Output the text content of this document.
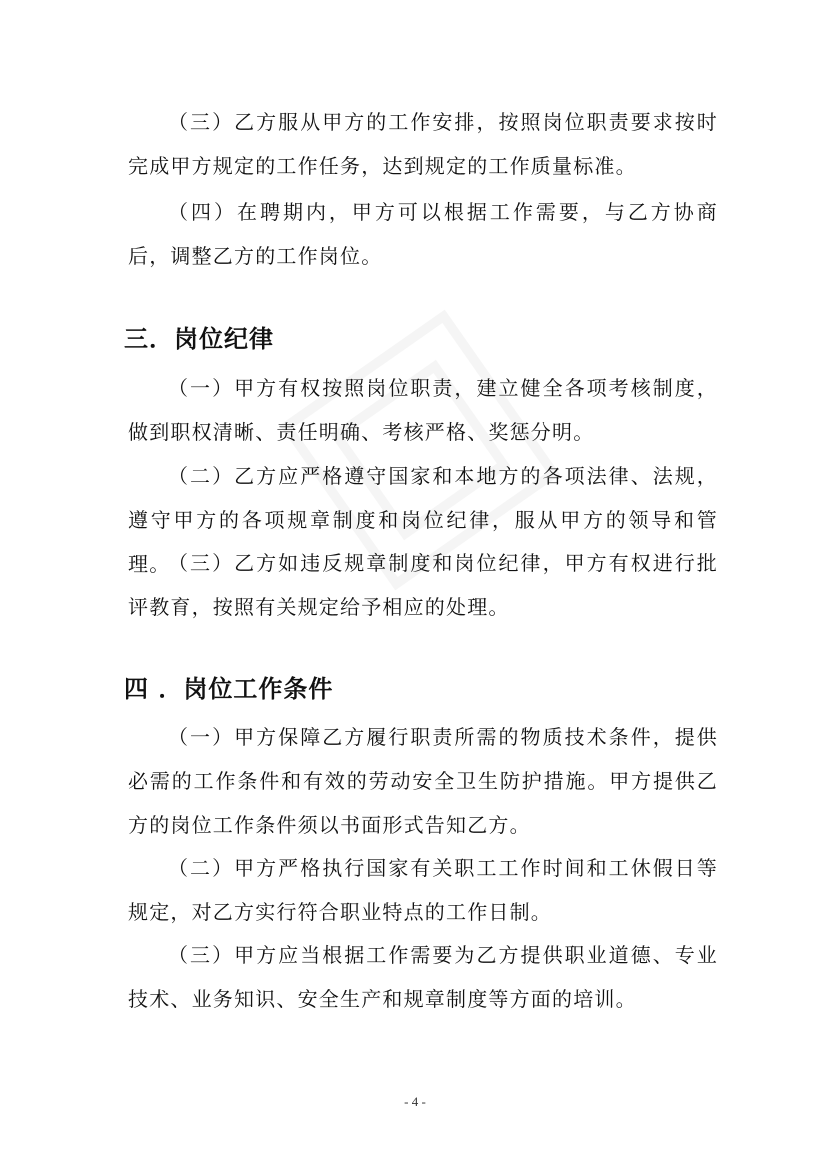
（三）乙方服从甲方的工作安排，按照岗位职责要求按时完成甲方规定的工作任务，达到规定的工作质量标准。

（四）在聘期内，甲方可以根据工作需要，与乙方协商后，调整乙方的工作岗位。

三．岗位纪律

（一）甲方有权按照岗位职责，建立健全各项考核制度，做到职权清晰、责任明确、考核严格、奖惩分明。

（二）乙方应严格遵守国家和本地方的各项法律、法规，遵守甲方的各项规章制度和岗位纪律，服从甲方的领导和管理。

（三）乙方如违反规章制度和岗位纪律，甲方有权进行批评教育，按照有关规定给予相应的处理。

四 ．岗位工作条件

（一）甲方保障乙方履行职责所需的物质技术条件，提供必需的工作条件和有效的劳动安全卫生防护措施。甲方提供乙方的岗位工作条件须以书面形式告知乙方。

（二）甲方严格执行国家有关职工工作时间和工休假日等规定，对乙方实行符合职业特点的工作日制。

（三）甲方应当根据工作需要为乙方提供职业道德、专业技术、业务知识、安全生产和规章制度等方面的培训。

- 4 -
